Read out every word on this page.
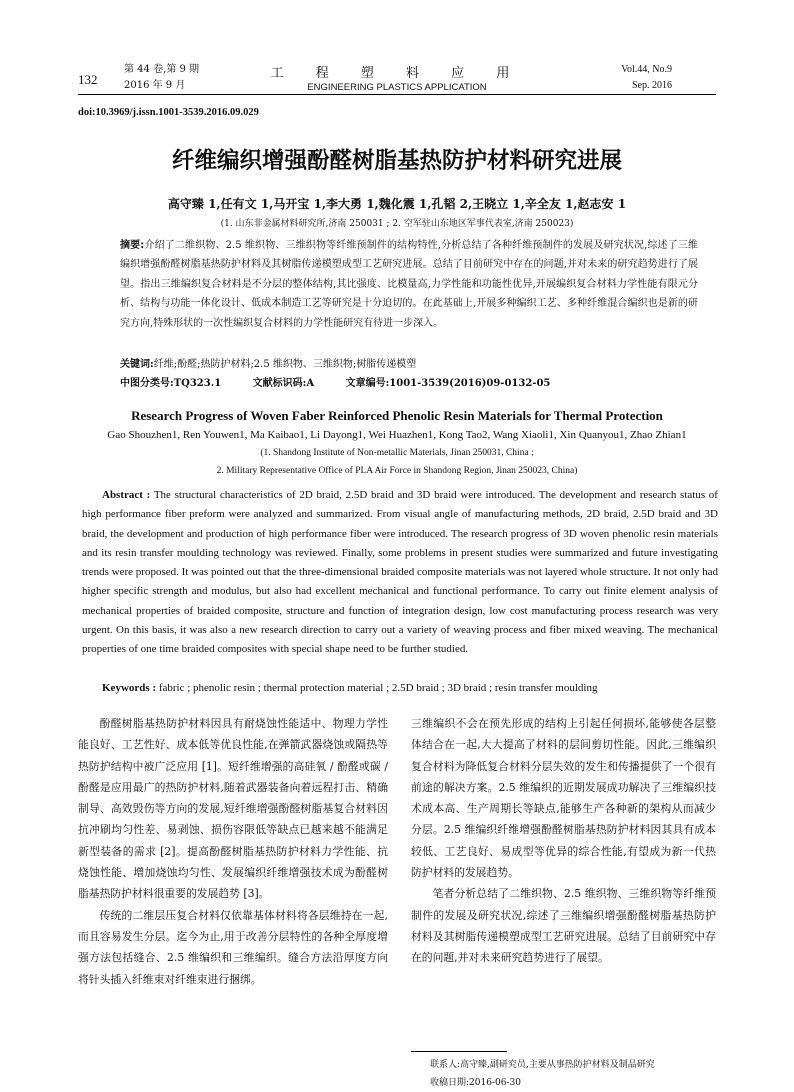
132
第 44 卷,第 9 期
2016 年 9 月
工 程 塑 料 应 用
ENGINEERING PLASTICS APPLICATION
Vol.44, No.9
Sep. 2016
doi:10.3969/j.issn.1001-3539.2016.09.029
纤维编织增强酚醛树脂基热防护材料研究进展
高守臻 1,任有文 1,马开宝 1,李大勇 1,魏化震 1,孔韬 2,王晓立 1,辛全友 1,赵志安 1
(1. 山东非金属材料研究所,济南 250031 ; 2. 空军驻山东地区军事代表室,济南 250023)
摘要:介绍了二维织物、2.5 维织物、三维织物等纤维预制件的结构特性,分析总结了各种纤维预制件的发展及研究状况,综述了三维编织增强酚醛树脂基热防护材料及其树脂传递模塑成型工艺研究进展。总结了目前研究中存在的问题,并对未来的研究趋势进行了展望。指出三维编织复合材料是不分层的整体结构,其比强度、比模量高,力学性能和功能性优异,开展编织复合材料力学性能有限元分析、结构与功能一体化设计、低成本制造工艺等研究是十分迫切的。在此基础上,开展多种编织工艺、多种纤维混合编织也是新的研究方向,特殊形状的一次性编织复合材料的力学性能研究有待进一步深入。
关键词:纤维;酚醛;热防护材料;2.5 维织物、三维织物;树脂传递模塑
中图分类号:TQ323.1	文献标识码:A	文章编号:1001-3539(2016)09-0132-05
Research Progress of Woven Faber Reinforced Phenolic Resin Materials for Thermal Protection
Gao Shouzhen1, Ren Youwen1, Ma Kaibao1, Li Dayong1, Wei Huazhen1, Kong Tao2, Wang Xiaoli1, Xin Quanyou1, Zhao Zhian1
(1. Shandong Institute of Non-metallic Materials, Jinan 250031, China ;
2. Military Representative Office of PLA Air Force in Shandong Region, Jinan 250023, China)
Abstract : The structural characteristics of 2D braid, 2.5D braid and 3D braid were introduced. The development and research status of high performance fiber preform were analyzed and summarized. From visual angle of manufacturing methods, 2D braid, 2.5D braid and 3D braid, the development and production of high performance fiber were introduced. The research progress of 3D woven phenolic resin materials and its resin transfer moulding technology was reviewed. Finally, some problems in present studies were summarized and future investigating trends were proposed. It was pointed out that the three-dimensional braided composite materials was not layered whole structure. It not only had higher specific strength and modulus, but also had excellent mechanical and functional performance. To carry out finite element analysis of mechanical properties of braided composite, structure and function of integration design, low cost manufacturing process research was very urgent. On this basis, it was also a new research direction to carry out a variety of weaving process and fiber mixed weaving. The mechanical properties of one time braided composites with special shape need to be further studied.
Keywords : fabric ; phenolic resin ; thermal protection material ; 2.5D braid ; 3D braid ; resin transfer moulding

酚醛树脂基热防护材料因具有耐烧蚀性能适中、物理力学性能良好、工艺性好、成本低等优良性能,在弹箭武器烧蚀或隔热等热防护结构中被广泛应用 [1]。短纤维增强的高硅氧 / 酚醛或碳 / 酚醛是应用最广的热防护材料,随着武器装备向着远程打击、精确制导、高效毁伤等方向的发展,短纤维增强酚醛树脂基复合材料因抗冲刷均匀性差、易剥蚀、损伤容限低等缺点已越来越不能满足新型装备的需求 [2]。提高酚醛树脂基热防护材料力学性能、抗烧蚀性能、增加烧蚀均匀性、发展编织纤维增强技术成为酚醛树脂基热防护材料很重要的发展趋势 [3]。

传统的二维层压复合材料仅依靠基体材料将各层维持在一起,而且容易发生分层。迄今为止,用于改善分层特性的各种全厚度增强方法包括缝合、2.5 维编织和三维编织。缝合方法沿厚度方向将针头插入纤维束对纤维束进行捆绑。

三维编织不会在预先形成的结构上引起任何损坏,能够使各层整体结合在一起,大大提高了材料的层间剪切性能。因此,三维编织复合材料为降低复合材料分层失效的发生和传播提供了一个很有前途的解决方案。2.5 维编织的近期发展成功解决了三维编织技术成本高、生产周期长等缺点,能够生产各种新的架构从而减少分层。2.5 维编织纤维增强酚醛树脂基热防护材料因其具有成本较低、工艺良好、易成型等优异的综合性能,有望成为新一代热防护材料的发展趋势。

笔者分析总结了二维织物、2.5 维织物、三维织物等纤维预制件的发展及研究状况,综述了三维编织增强酚醛树脂基热防护材料及其树脂传递模塑成型工艺研究进展。总结了目前研究中存在的问题,并对未来研究趋势进行了展望。

联系人:高守臻,副研究员,主要从事热防护材料及制品研究
收稿日期:2016-06-30
